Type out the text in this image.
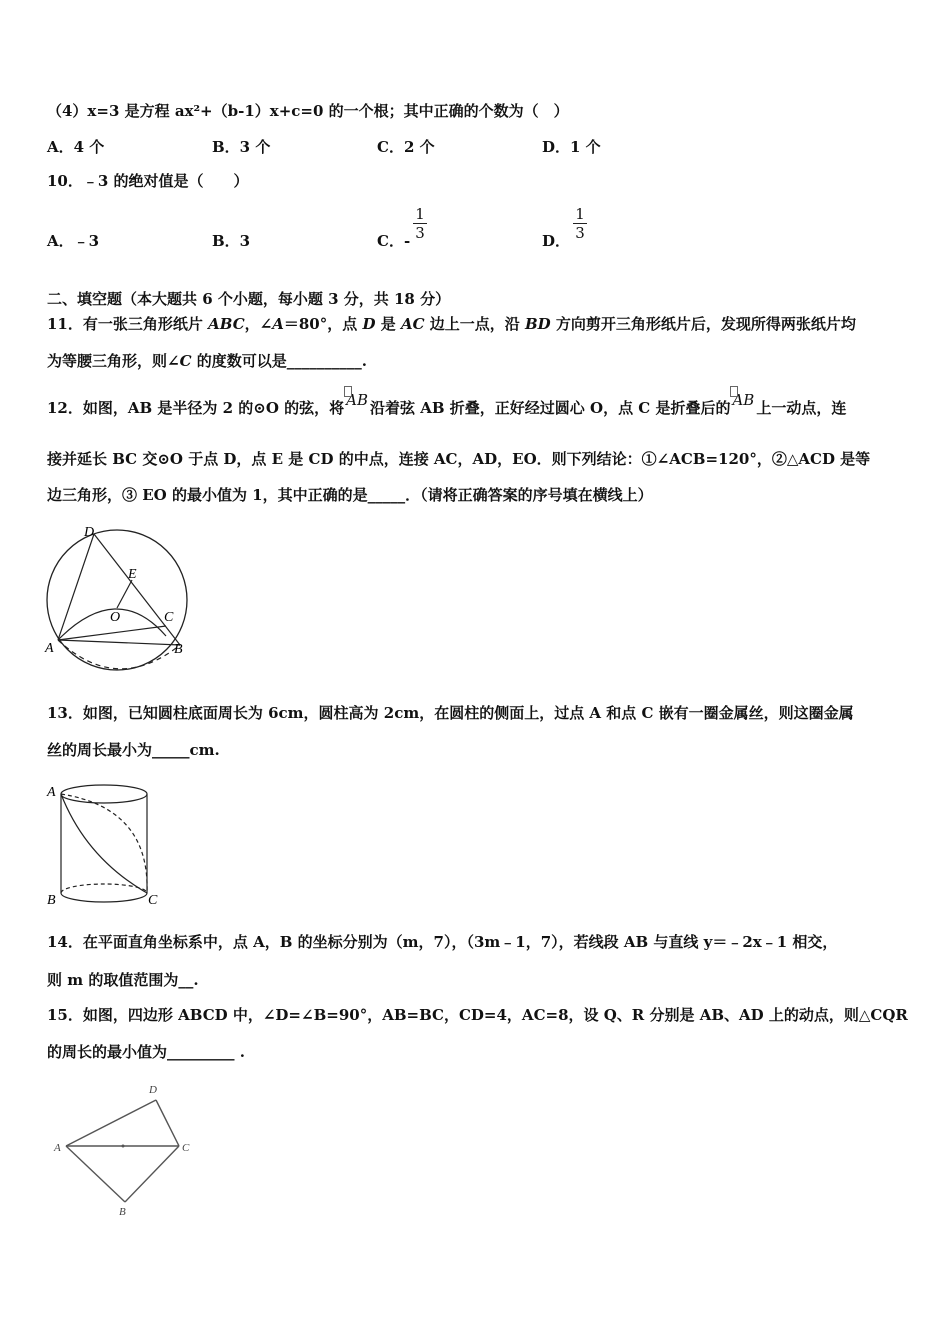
（4）x=3 是方程 ax²+（b-1）x+c=0 的一个根；其中正确的个数为（　）
A．4 个	B．3 个	C．2 个	D．1 个
10．﹣3 的绝对值是（　　）
A．﹣3	B．3	C．-	D．
1
3
1
3
二、填空题（本大题共 6 个小题，每小题 3 分，共 18 分）
11．有一张三角形纸片 ABC，∠A＝80°，点 D 是 AC 边上一点，沿 BD 方向剪开三角形纸片后，发现所得两张纸片均
为等腰三角形，则∠C 的度数可以是__________.
12．如图，AB 是半径为 2 的⊙O 的弦，将 AB 沿着弦 AB 折叠，正好经过圆心 O，点 C 是折叠后的 AB 上一动点，连
接并延长 BC 交⊙O 于点 D，点 E 是 CD 的中点，连接 AC，AD，EO．则下列结论：①∠ACB=120°，②△ACD 是等
边三角形，③ EO 的最小值为 1，其中正确的是_____．（请将正确答案的序号填在横线上）
D
E
O	C
A	B
13．如图，已知圆柱底面周长为 6cm，圆柱高为 2cm，在圆柱的侧面上，过点 A 和点 C 嵌有一圈金属丝，则这圈金属
丝的周长最小为_____cm.
A
B	C
14．在平面直角坐标系中，点 A，B 的坐标分别为（m，7），（3m﹣1，7），若线段 AB 与直线 y＝﹣2x﹣1 相交，
则 m 的取值范围为__.
15．如图，四边形 ABCD 中，∠D=∠B=90°，AB=BC，CD=4，AC=8，设 Q、R 分别是 AB、AD 上的动点，则△CQR
的周长的最小值为_________ .
D
A	C
B
